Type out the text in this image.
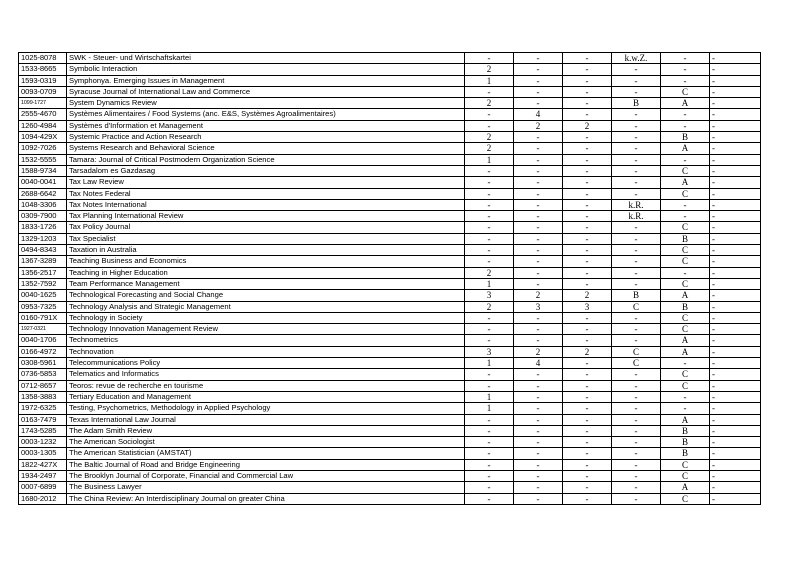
1025-8078	SWK - Steuer- und Wirtschaftskartei	-	-	-	k.w.Z.	-	-
1533-8665	Symbolic Interaction	2	-	-	-	-	-
1593-0319	Symphonya. Emerging Issues in Management	1	-	-	-	-	-
0093-0709	Syracuse Journal of International Law and Commerce	-	-	-	-	C	-
1099-1727	System Dynamics Review	2	-	-	B	A	-
2555-4670	Systèmes Alimentaires / Food Systems (anc. E&S, Systèmes Agroalimentaires)	-	4	-	-	-	-
1260-4984	Systèmes d'Information et Management	-	2	2	-	-	-
1094-429X	Systemic Practice and Action Research	2	-	-	-	B	-
1092-7026	Systems Research and Behavioral Science	2	-	-	-	A	-
1532-5555	Tamara: Journal of Critical Postmodern Organization Science	1	-	-	-	-	-
1588-9734	Tarsadalom es Gazdasag	-	-	-	-	C	-
0040-0041	Tax Law Review	-	-	-	-	A	-
2688-6642	Tax Notes Federal	-	-	-	-	C	-
1048-3306	Tax Notes International	-	-	-	k.R.	-	-
0309-7900	Tax Planning International Review	-	-	-	k.R.	-	-
1833-1726	Tax Policy Journal	-	-	-	-	C	-
1329-1203	Tax Specialist	-	-	-	-	B	-
0494-8343	Taxation in Australia	-	-	-	-	C	-
1367-3289	Teaching Business and Economics	-	-	-	-	C	-
1356-2517	Teaching in Higher Education	2	-	-	-	-	-
1352-7592	Team Performance Management	1	-	-	-	C	-
0040-1625	Technological Forecasting and Social Change	3	2	2	B	A	-
0953-7325	Technology Analysis and Strategic Management	2	3	3	C	B	-
0160-791X	Technology in Society	-	-	-	-	C	-
1927-0321	Technology Innovation Management Review	-	-	-	-	C	-
0040-1706	Technometrics	-	-	-	-	A	-
0166-4972	Technovation	3	2	2	C	A	-
0308-5961	Telecommunications Policy	1	4	-	C	-	-
0736-5853	Telematics and Informatics	-	-	-	-	C	-
0712-8657	Teoros: revue de recherche en tourisme	-	-	-	-	C	-
1358-3883	Tertiary Education and Management	1	-	-	-	-	-
1972-6325	Testing, Psychometrics, Methodology in Applied Psychology	1	-	-	-	-	-
0163-7479	Texas International Law Journal	-	-	-	-	A	-
1743-5285	The Adam Smith Review	-	-	-	-	B	-
0003-1232	The American Sociologist	-	-	-	-	B	-
0003-1305	The American Statistician (AMSTAT)	-	-	-	-	B	-
1822-427X	The Baltic Journal of Road and Bridge Engineering	-	-	-	-	C	-
1934-2497	The Brooklyn Journal of Corporate, Financial and Commercial Law	-	-	-	-	C	-
0007-6899	The Business Lawyer	-	-	-	-	A	-
1680-2012	The China Review: An Interdisciplinary Journal on greater China	-	-	-	-	C	-
